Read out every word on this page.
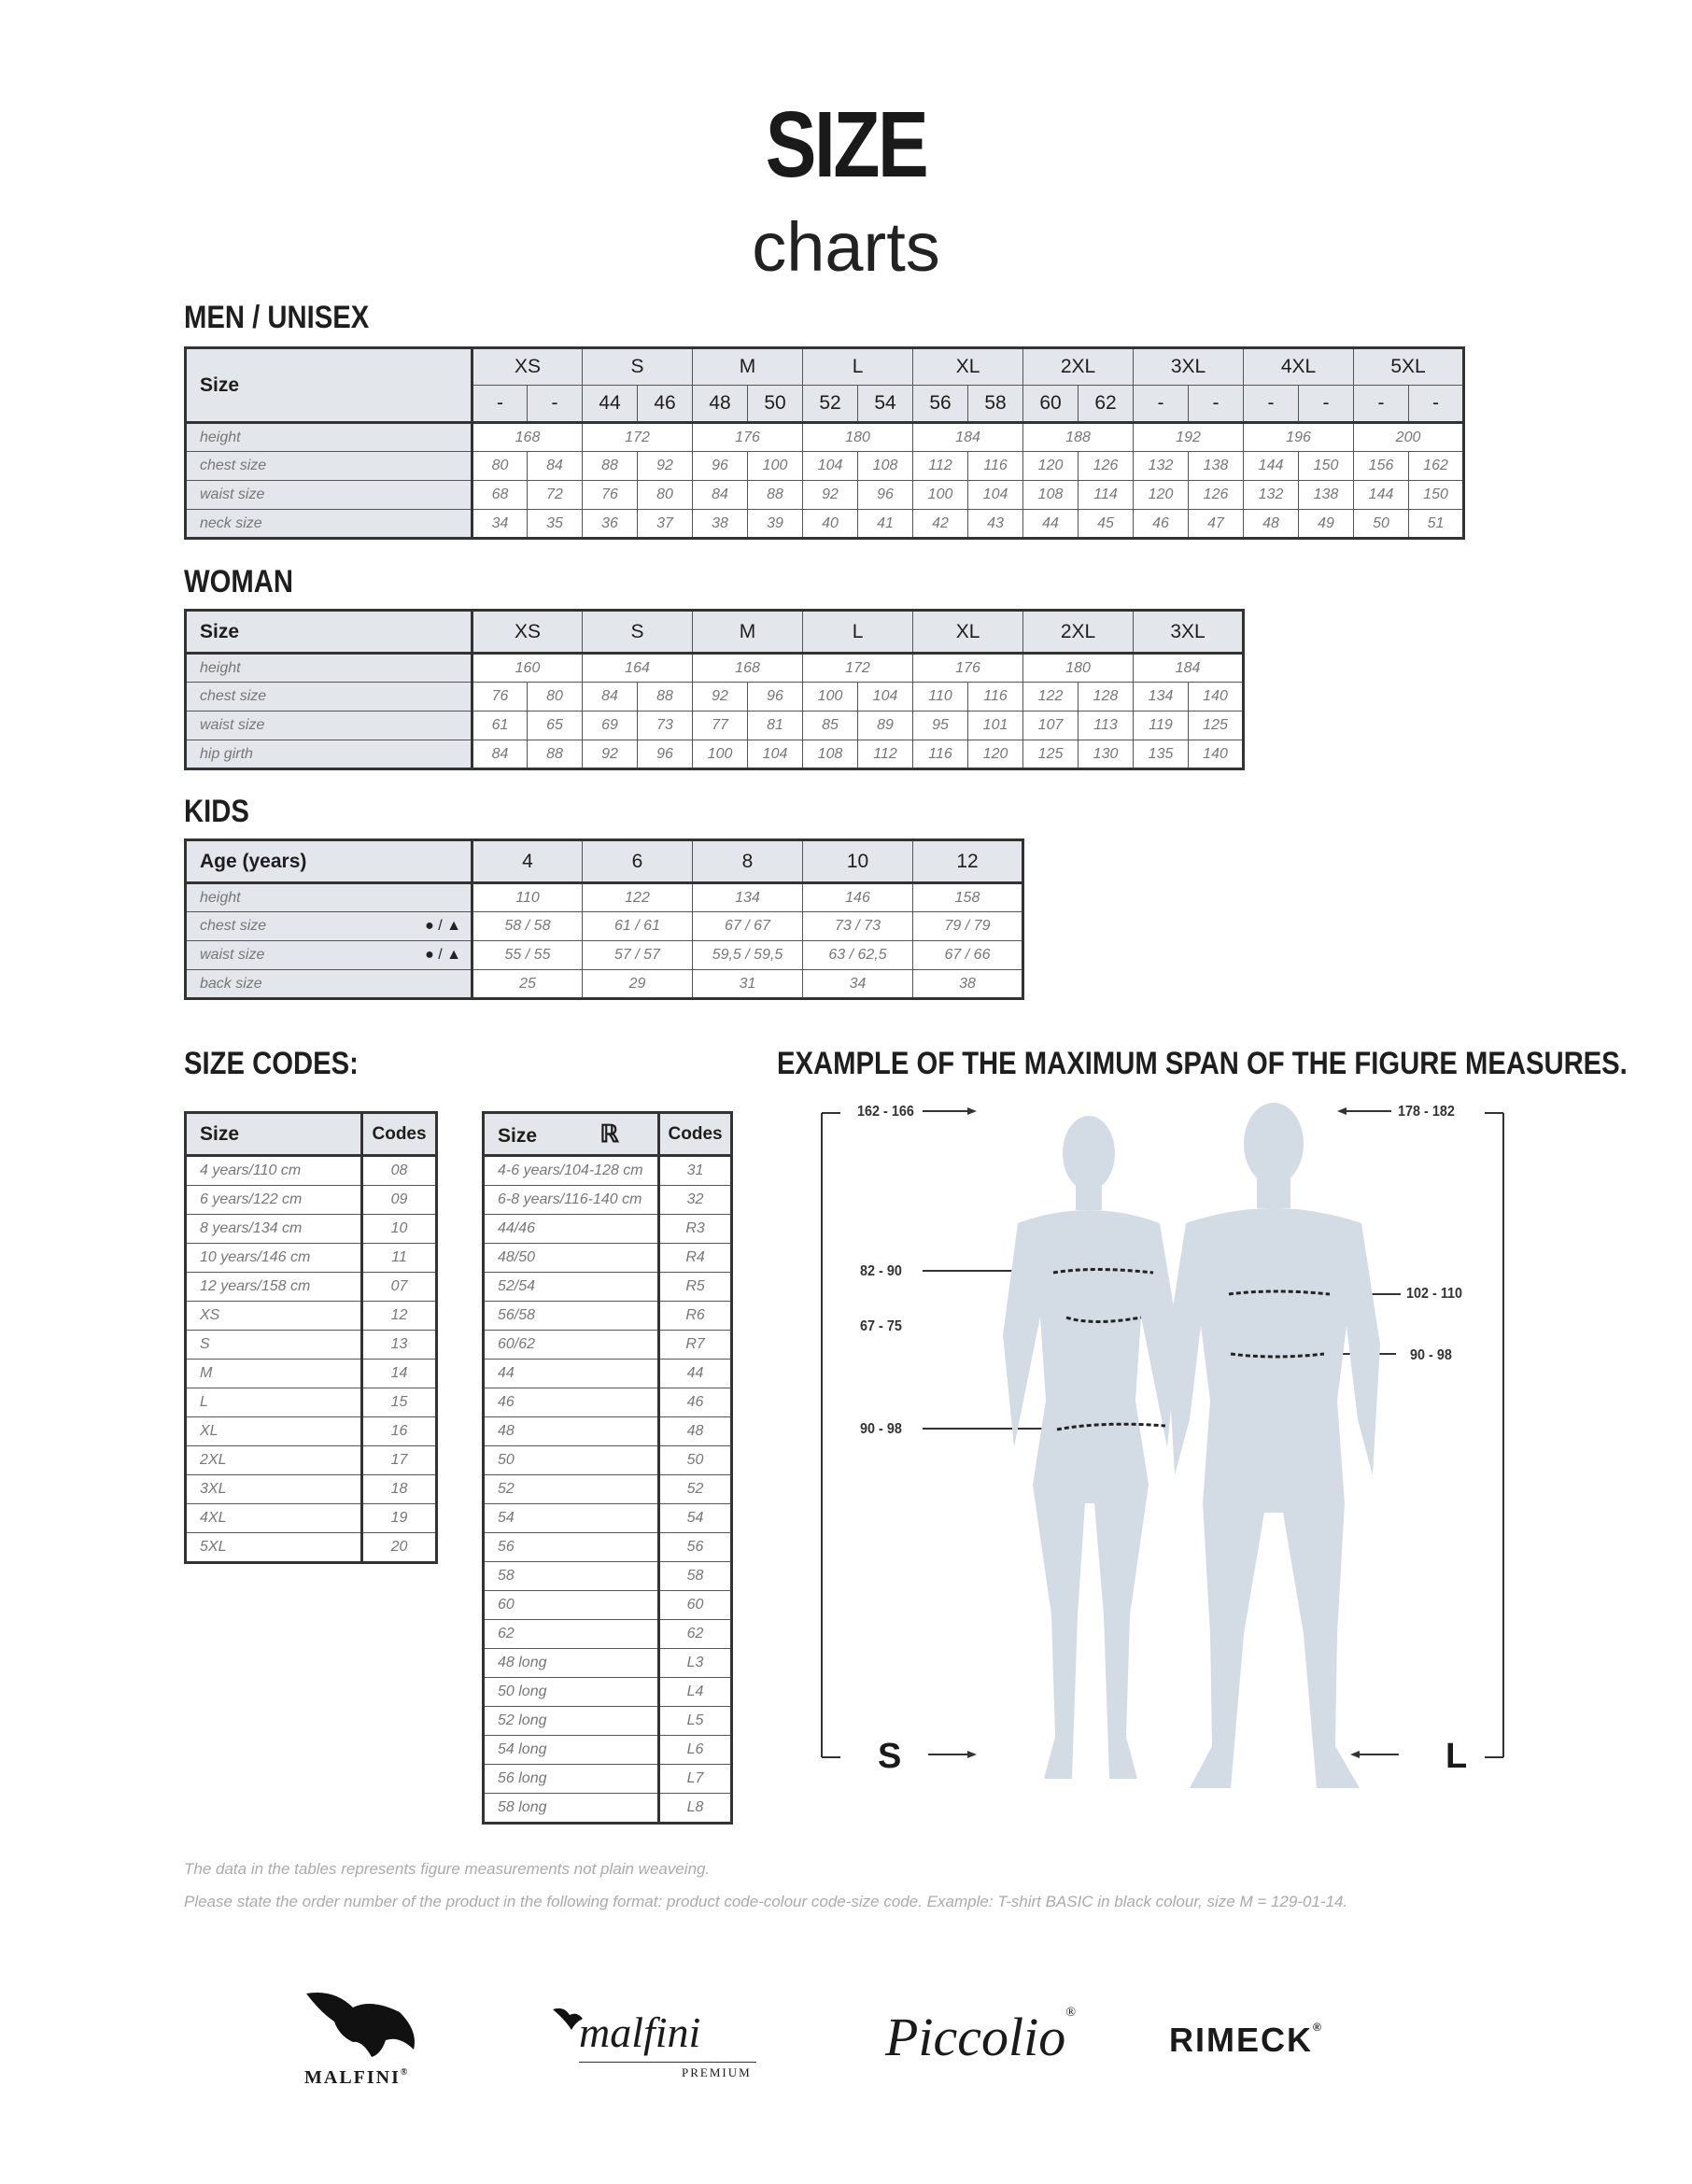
SIZE
charts
MEN / UNISEX
Size	XS		S		M		L		XL		2XL		3XL		4XL		5XL	
	-	-	44	46	48	50	52	54	56	58	60	62	-	-	-	-	-	-
height	168		172		176		180		184		188		192		196		200	
chest size	80	84	88	92	96	100	104	108	112	116	120	126	132	138	144	150	156	162
waist size	68	72	76	80	84	88	92	96	100	104	108	114	120	126	132	138	144	150
neck size	34	35	36	37	38	39	40	41	42	43	44	45	46	47	48	49	50	51
WOMAN
Size	XS		S		M		L		XL		2XL		3XL	
height	160		164		168		172		176		180		184	
chest size	76	80	84	88	92	96	100	104	110	116	122	128	134	140
waist size	61	65	69	73	77	81	85	89	95	101	107	113	119	125
hip girth	84	88	92	96	100	104	108	112	116	120	125	130	135	140
KIDS
Age (years)	4	6	8	10	12
height	110	122	134	146	158
chest size ● / ▲	58 / 58	61 / 61	67 / 67	73 / 73	79 / 79
waist size ● / ▲	55 / 55	57 / 57	59,5 / 59,5	63 / 62,5	67 / 66
back size	25	29	31	34	38
SIZE CODES:
Size	Codes
4 years/110 cm	08
6 years/122 cm	09
8 years/134 cm	10
10 years/146 cm	11
12 years/158 cm	07
XS	12
S	13
M	14
L	15
XL	16
2XL	17
3XL	18
4XL	19
5XL	20
Size ℝ	Codes
4-6 years/104-128 cm	31
6-8 years/116-140 cm	32
44/46	R3
48/50	R4
52/54	R5
56/58	R6
60/62	R7
44	44
46	46
48	48
50	50
52	52
54	54
56	56
58	58
60	60
62	62
48 long	L3
50 long	L4
52 long	L5
54 long	L6
56 long	L7
58 long	L8
EXAMPLE OF THE MAXIMUM SPAN OF THE FIGURE MEASURES.
162 - 166	178 - 182
82 - 90
67 - 75
90 - 98
102 - 110
90 - 98
S	L
The data in the tables represents figure measurements not plain weaveing.
Please state the order number of the product in the following format: product code-colour code-size code. Example: T-shirt BASIC in black colour, size M = 129-01-14.
MALFINI®
malfini
PREMIUM
Piccolio®
RIMECK®
